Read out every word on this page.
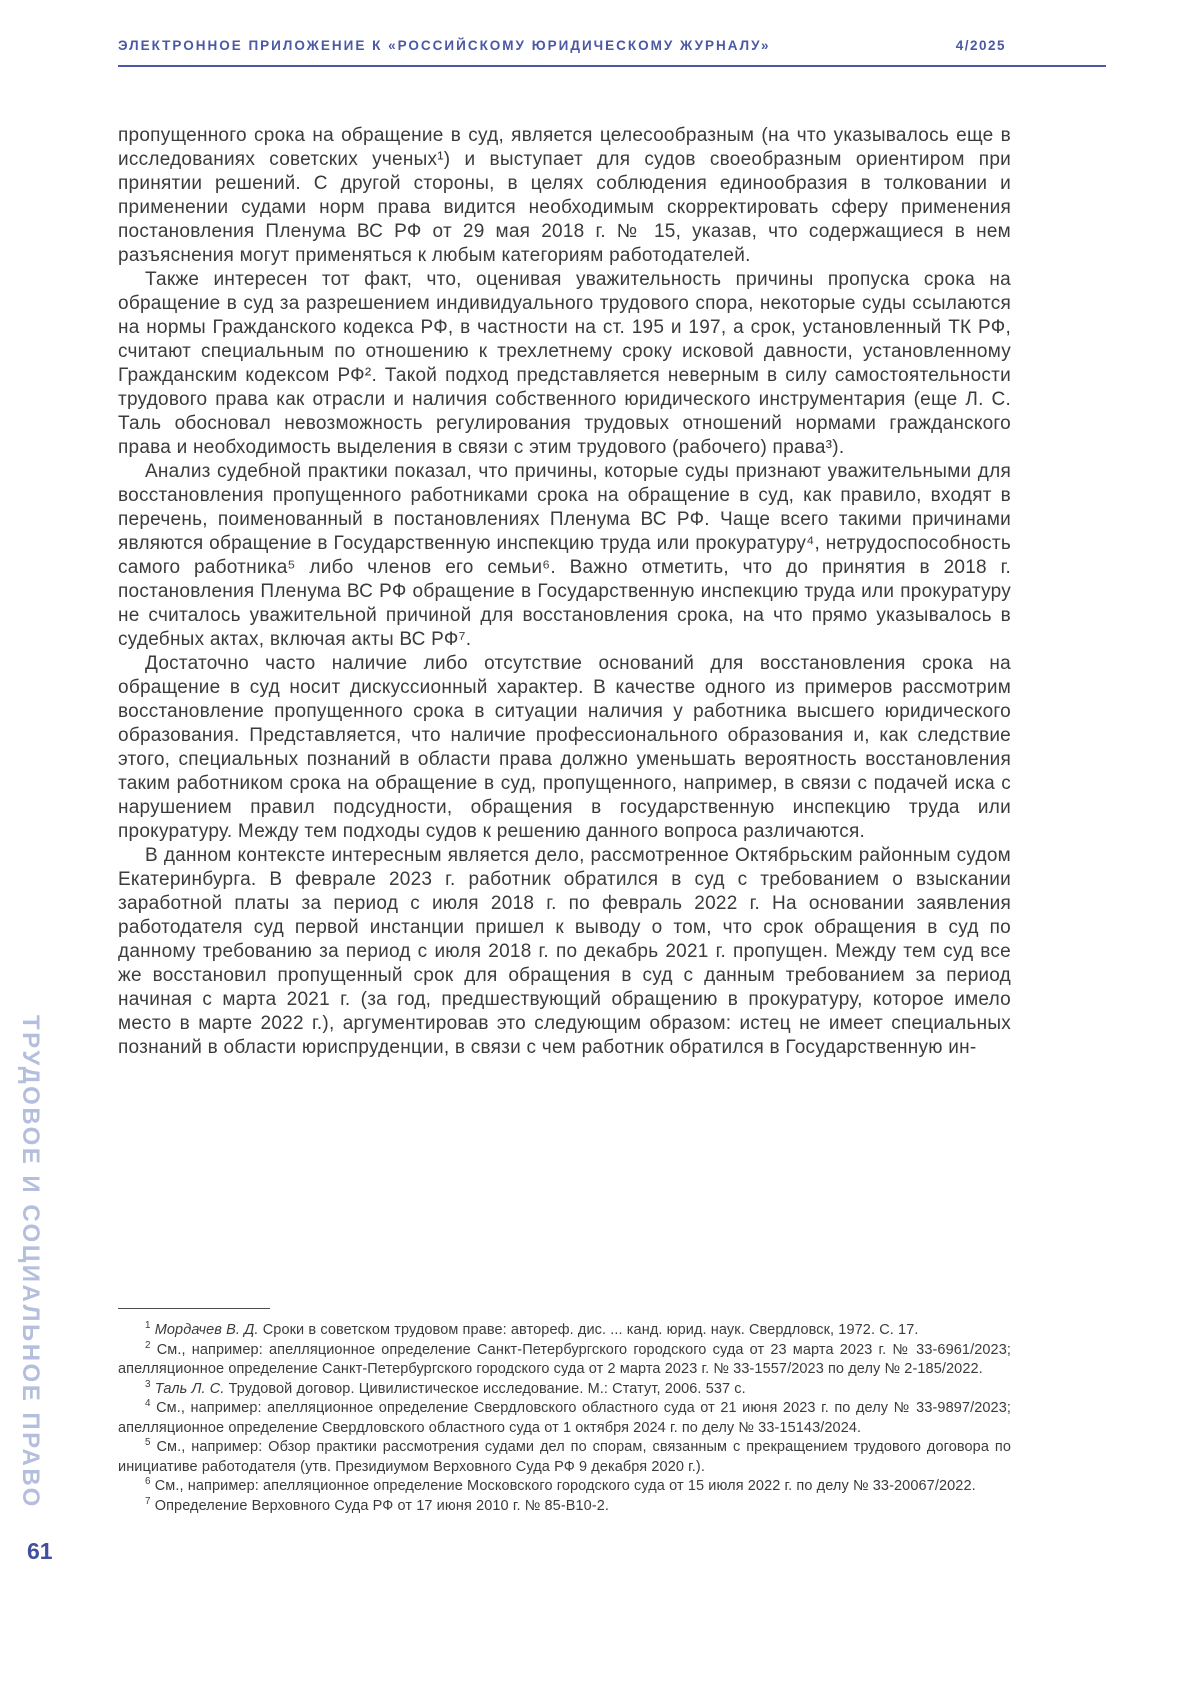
ЭЛЕКТРОННОЕ ПРИЛОЖЕНИЕ К «РОССИЙСКОМУ ЮРИДИЧЕСКОМУ ЖУРНАЛУ»	4/2025

пропущенного срока на обращение в суд, является целесообразным (на что указывалось еще в исследованиях советских ученых¹) и выступает для судов своеобразным ориентиром при принятии решений. С другой стороны, в целях соблюдения единообразия в толковании и применении судами норм права видится необходимым скорректировать сферу применения постановления Пленума ВС РФ от 29 мая 2018 г. № 15, указав, что содержащиеся в нем разъяснения могут применяться к любым категориям работодателей.

Также интересен тот факт, что, оценивая уважительность причины пропуска срока на обращение в суд за разрешением индивидуального трудового спора, некоторые суды ссылаются на нормы Гражданского кодекса РФ, в частности на ст. 195 и 197, а срок, установленный ТК РФ, считают специальным по отношению к трехлетнему сроку исковой давности, установленному Гражданским кодексом РФ². Такой подход представляется неверным в силу самостоятельности трудового права как отрасли и наличия собственного юридического инструментария (еще Л. С. Таль обосновал невозможность регулирования трудовых отношений нормами гражданского права и необходимость выделения в связи с этим трудового (рабочего) права³).

Анализ судебной практики показал, что причины, которые суды признают уважительными для восстановления пропущенного работниками срока на обращение в суд, как правило, входят в перечень, поименованный в постановлениях Пленума ВС РФ. Чаще всего такими причинами являются обращение в Государственную инспекцию труда или прокуратуру⁴, нетрудоспособность самого работника⁵ либо членов его семьи⁶. Важно отметить, что до принятия в 2018 г. постановления Пленума ВС РФ обращение в Государственную инспекцию труда или прокуратуру не считалось уважительной причиной для восстановления срока, на что прямо указывалось в судебных актах, включая акты ВС РФ⁷.

Достаточно часто наличие либо отсутствие оснований для восстановления срока на обращение в суд носит дискуссионный характер. В качестве одного из примеров рассмотрим восстановление пропущенного срока в ситуации наличия у работника высшего юридического образования. Представляется, что наличие профессионального образования и, как следствие этого, специальных познаний в области права должно уменьшать вероятность восстановления таким работником срока на обращение в суд, пропущенного, например, в связи с подачей иска с нарушением правил подсудности, обращения в государственную инспекцию труда или прокуратуру. Между тем подходы судов к решению данного вопроса различаются.

В данном контексте интересным является дело, рассмотренное Октябрьским районным судом Екатеринбурга. В феврале 2023 г. работник обратился в суд с требованием о взыскании заработной платы за период с июля 2018 г. по февраль 2022 г. На основании заявления работодателя суд первой инстанции пришел к выводу о том, что срок обращения в суд по данному требованию за период с июля 2018 г. по декабрь 2021 г. пропущен. Между тем суд все же восстановил пропущенный срок для обращения в суд с данным требованием за период начиная с марта 2021 г. (за год, предшествующий обращению в прокуратуру, которое имело место в марте 2022 г.), аргументировав это следующим образом: истец не имеет специальных познаний в области юриспруденции, в связи с чем работник обратился в Государственную ин-

$^1$ Мордачев В. Д. Сроки в советском трудовом праве: автореф. дис. ... канд. юрид. наук. Свердловск, 1972. С. 17.

$^2$ См., например: апелляционное определение Санкт-Петербургского городского суда от 23 марта 2023 г. № 33-6961/2023; апелляционное определение Санкт-Петербургского городского суда от 2 марта 2023 г. № 33-1557/2023 по делу № 2-185/2022.

$^3$ Таль Л. С. Трудовой договор. Цивилистическое исследование. М.: Статут, 2006. 537 с.

$^4$ См., например: апелляционное определение Свердловского областного суда от 21 июня 2023 г. по делу № 33-9897/2023; апелляционное определение Свердловского областного суда от 1 октября 2024 г. по делу № 33-15143/2024.

$^5$ См., например: Обзор практики рассмотрения судами дел по спорам, связанным с прекращением трудового договора по инициативе работодателя (утв. Президиумом Верховного Суда РФ 9 декабря 2020 г.).

$^6$ См., например: апелляционное определение Московского городского суда от 15 июля 2022 г. по делу № 33-20067/2022.

$^7$ Определение Верховного Суда РФ от 17 июня 2010 г. № 85-В10-2.

ТРУДОВОЕ И СОЦИАЛЬНОЕ ПРАВО
61
